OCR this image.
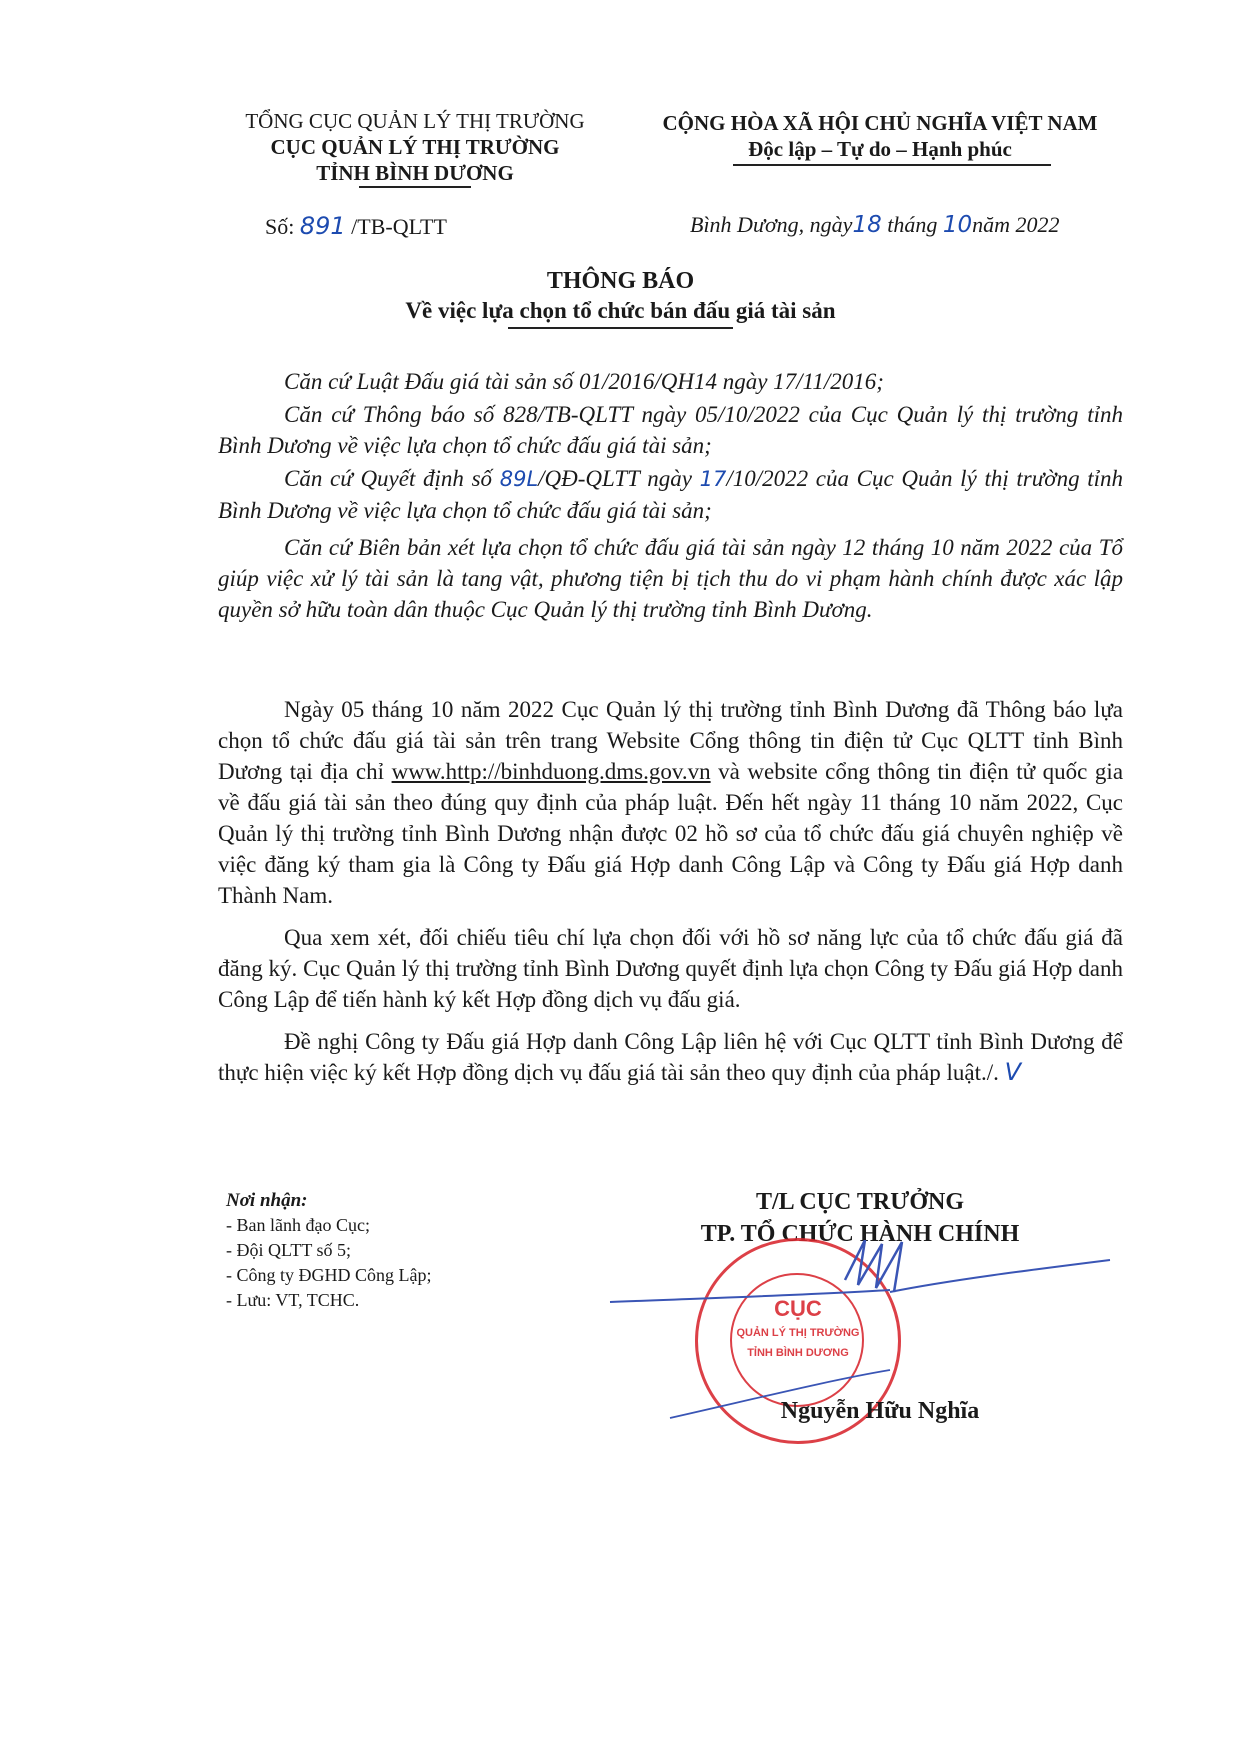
TỔNG CỤC QUẢN LÝ THỊ TRƯỜNG
CỤC QUẢN LÝ THỊ TRƯỜNG
TỈNH BÌNH DƯƠNG
Số: 891 /TB-QLTT
CỘNG HÒA XÃ HỘI CHỦ NGHĨA VIỆT NAM
Độc lập – Tự do – Hạnh phúc
Bình Dương, ngày18 tháng 10năm 2022
THÔNG BÁO
Về việc lựa chọn tổ chức bán đấu giá tài sản
Căn cứ Luật Đấu giá tài sản số 01/2016/QH14 ngày 17/11/2016;
Căn cứ Thông báo số 828/TB-QLTT ngày 05/10/2022 của Cục Quản lý thị trường tỉnh Bình Dương về việc lựa chọn tổ chức đấu giá tài sản;
Căn cứ Quyết định số 89L/QĐ-QLTT ngày 17/10/2022 của Cục Quản lý thị trường tỉnh Bình Dương về việc lựa chọn tổ chức đấu giá tài sản;
Căn cứ Biên bản xét lựa chọn tổ chức đấu giá tài sản ngày 12 tháng 10 năm 2022 của Tổ giúp việc xử lý tài sản là tang vật, phương tiện bị tịch thu do vi phạm hành chính được xác lập quyền sở hữu toàn dân thuộc Cục Quản lý thị trường tỉnh Bình Dương.
Ngày 05 tháng 10 năm 2022 Cục Quản lý thị trường tỉnh Bình Dương đã Thông báo lựa chọn tổ chức đấu giá tài sản trên trang Website Cổng thông tin điện tử Cục QLTT tỉnh Bình Dương tại địa chỉ www.http://binhduong.dms.gov.vn và website cổng thông tin điện tử quốc gia về đấu giá tài sản theo đúng quy định của pháp luật. Đến hết ngày 11 tháng 10 năm 2022, Cục Quản lý thị trường tỉnh Bình Dương nhận được 02 hồ sơ của tổ chức đấu giá chuyên nghiệp về việc đăng ký tham gia là Công ty Đấu giá Hợp danh Công Lập và Công ty Đấu giá Hợp danh Thành Nam.
Qua xem xét, đối chiếu tiêu chí lựa chọn đối với hồ sơ năng lực của tổ chức đấu giá đã đăng ký. Cục Quản lý thị trường tỉnh Bình Dương quyết định lựa chọn Công ty Đấu giá Hợp danh Công Lập để tiến hành ký kết Hợp đồng dịch vụ đấu giá.
Đề nghị Công ty Đấu giá Hợp danh Công Lập liên hệ với Cục QLTT tỉnh Bình Dương để thực hiện việc ký kết Hợp đồng dịch vụ đấu giá tài sản theo quy định của pháp luật./. V
Nơi nhận:
- Ban lãnh đạo Cục;
- Đội QLTT số 5;
- Công ty ĐGHD Công Lập;
- Lưu: VT, TCHC.
T/L CỤC TRƯỞNG
TP. TỔ CHỨC HÀNH CHÍNH
CỤC
QUẢN LÝ THỊ TRƯỜNG
TỈNH BÌNH DƯƠNG
Nguyễn Hữu Nghĩa
